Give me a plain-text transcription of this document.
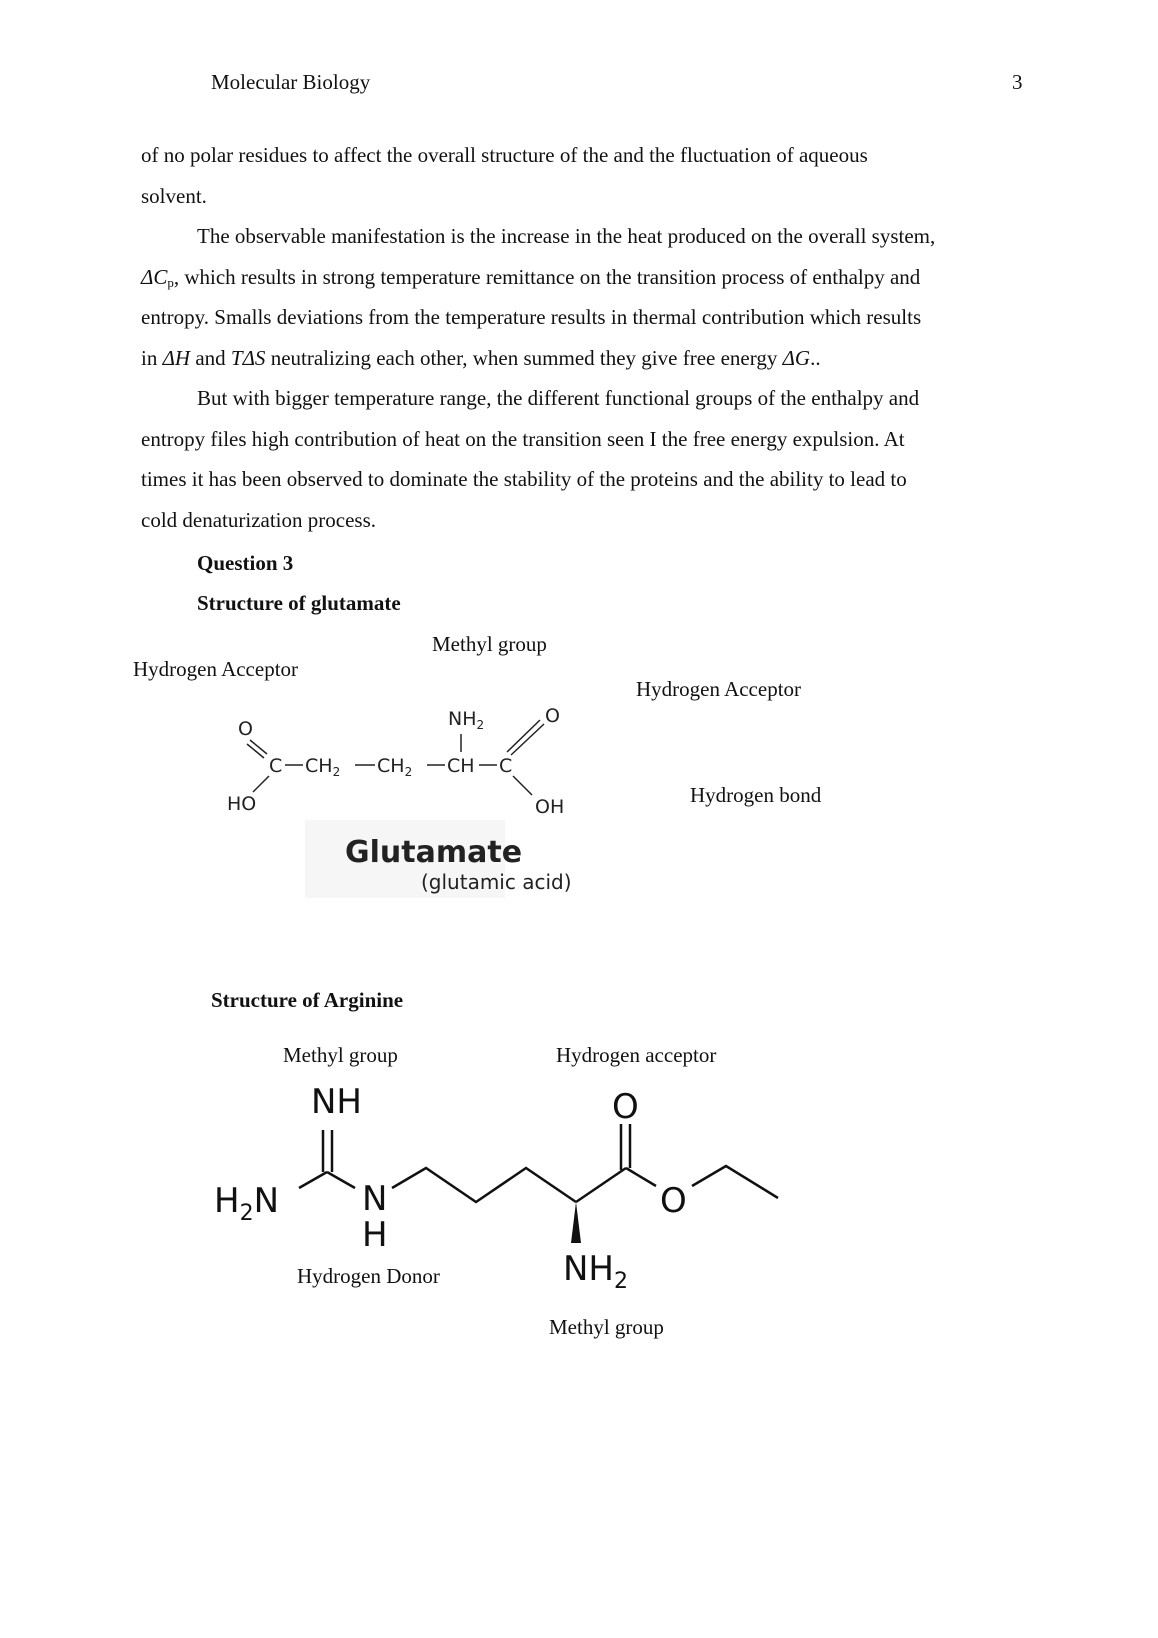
Molecular Biology	3
of no polar residues to affect the overall structure of the and the fluctuation of aqueous
solvent.
The observable manifestation is the increase in the heat produced on the overall system,
$\Delta C_p$, which results in strong temperature remittance on the transition process of enthalpy and
entropy. Smalls deviations from the temperature results in thermal contribution which results
in ΔH and TΔS neutralizing each other, when summed they give free energy ΔG..
But with bigger temperature range, the different functional groups of the enthalpy and
entropy files high contribution of heat on the transition seen I the free energy expulsion. At
times it has been observed to dominate the stability of the proteins and the ability to lead to
cold denaturization process.
Question 3
Structure of glutamate
Methyl group
Hydrogen Acceptor
Hydrogen Acceptor
Hydrogen bond
O
C
HO
$CH_2$ $CH_2$ CH
$NH_2$
C
O
OH
Glutamate
(glutamic acid)
Structure of Arginine
Methyl group	Hydrogen acceptor
Hydrogen Donor
Methyl group
NH
$H_2N$ N
H
O
O
$NH_2$
